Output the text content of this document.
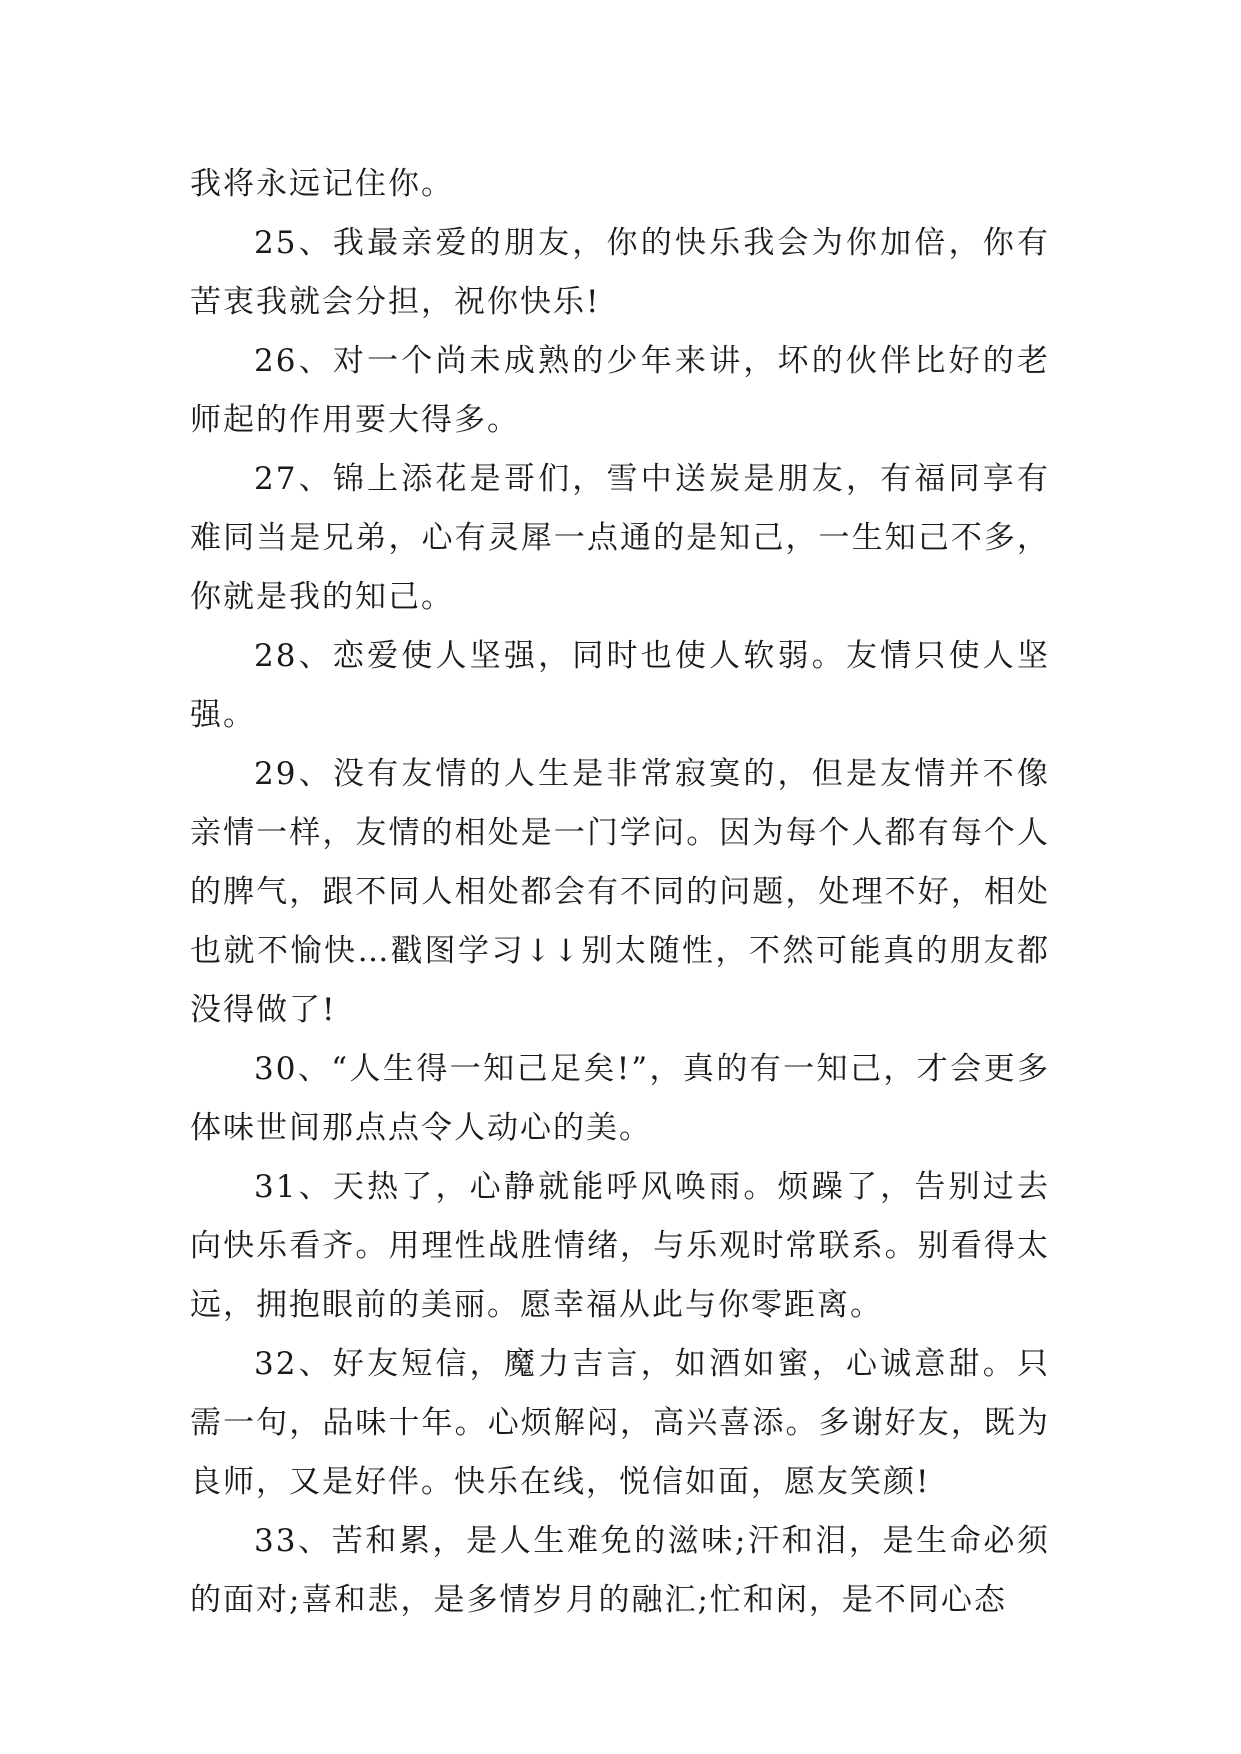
我将永远记住你。

25、我最亲爱的朋友，你的快乐我会为你加倍，你有苦衷我就会分担，祝你快乐!

26、对一个尚未成熟的少年来讲，坏的伙伴比好的老师起的作用要大得多。

27、锦上添花是哥们，雪中送炭是朋友，有福同享有难同当是兄弟，心有灵犀一点通的是知己，一生知己不多，你就是我的知己。

28、恋爱使人坚强，同时也使人软弱。友情只使人坚强。

29、没有友情的人生是非常寂寞的，但是友情并不像亲情一样，友情的相处是一门学问。因为每个人都有每个人的脾气，跟不同人相处都会有不同的问题，处理不好，相处也就不愉快…戳图学习↓↓别太随性，不然可能真的朋友都没得做了!

30、“人生得一知己足矣!”，真的有一知己，才会更多体味世间那点点令人动心的美。

31、天热了，心静就能呼风唤雨。烦躁了，告别过去向快乐看齐。用理性战胜情绪，与乐观时常联系。别看得太远，拥抱眼前的美丽。愿幸福从此与你零距离。

32、好友短信，魔力吉言，如酒如蜜，心诚意甜。只需一句，品味十年。心烦解闷，高兴喜添。多谢好友，既为良师，又是好伴。快乐在线，悦信如面，愿友笑颜!

33、苦和累，是人生难免的滋味;汗和泪，是生命必须的面对;喜和悲，是多情岁月的融汇;忙和闲，是不同心态
